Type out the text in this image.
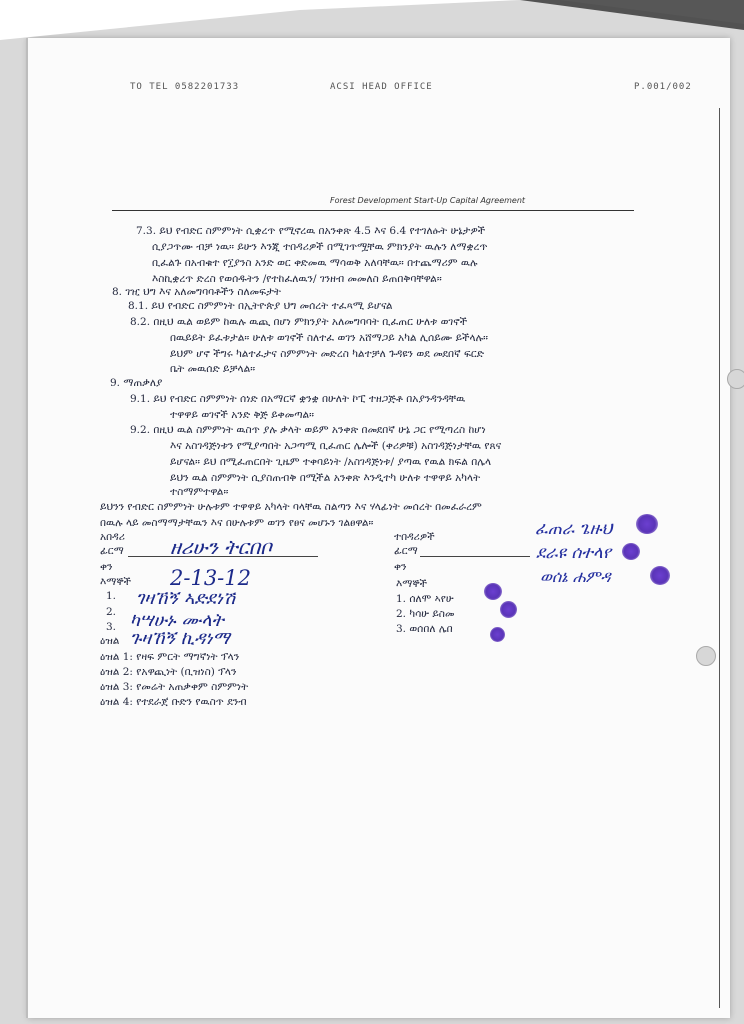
TO TEL 0582201733	ACSI HEAD OFFICE	P.001/002
Forest Development Start-Up Capital Agreement
7.3. ይህ የብድር ስምምነት ሲቋረጥ የሚኖረዉ በአንቀጽ 4.5 እና 6.4 የተገለፁት ሁኔታዎች
ሲያጋጥሙ ብቻ ነዉ። ይሁን እንጂ ተበዳሪዎች በሚገጥሟቸዉ ምክንያት ዉሉን ለማቋረጥ
ቢፈልጉ በአብቁተ የ፲ያንስ አንድ ወር ቀድመዉ ማሳወቅ አለባቸዉ። በተጨማሪም ዉሉ
እስኪቋረጥ ድረስ የወሰዱትን /የተከፈለዉን/ ገንዘብ መመለስ ይጠበቅባቸዋል።
8. ገዢ ህግ እና አለመግባባቶችን ስለመፍታት
8.1. ይህ የብድር ስምምነት በኢትዮጵያ ህግ መሰረት ተፈጻሚ ይሆናል
8.2. በዚህ ዉል ወይም ከዉሉ ዉጪ በሆነ ምክንያት አለመግባባት ቢፈጠር ሁለቱ ወገኖች
በዉይይት ይፈቱታል። ሁለቱ ወገኖች ስለተፈ ወገን አሸማጋይ አካል ሊሰይሙ ይችላሉ።
ይህም ሆኖ ችግሩ ካልተፈታና ስምምነት መድረስ ካልተቻለ ጉዳዩን ወደ መደበኛ ፍርድ
ቤት መዉሰድ ይቻላል።
9. ማጠቃለያ
9.1. ይህ የብድር ስምምነት ሰነድ በአማርኛ ቋንቋ በሁለት ኮፒ ተዘጋጅቶ በአያንዳንዳቸዉ
ተዋዋይ ወገኖች አንድ ቅጅ ይቀመጣል።
9.2. በዚህ ዉል ስምምነት ዉስጥ ያሉ ቃላት ወይም አንቀጽ በመደበኛ ሁኔ ጋር የሚጣረስ ከሆነ
እና አስገዳጅነቱን የሚያጣበት አጋጣሚ ቢፈጠር ሌሎች (ቀሪዎቹ) አስገዳጅነታቸዉ የጸና
ይሆናል። ይህ በሚፈጠርበት ጊዜም ተቀባይነት /አስገዳጅነቱ/ ያጣዉ የዉል ክፍል በሌላ
ይህን ዉል ስምምነት ሲያስጠብቅ በሚችል አንቀጽ እንዲተካ ሁለቱ ተዋዋይ አካላት
ተስማምተዋል።
ይህንን የብድር ስምምነት ሁሉቱም ተዋዋይ አካላት ባላቸዉ ስልጣን እና ሃላፊነት መሰረት በመፈራረም
በዉሉ ላይ መስማማታቸዉን እና በሁሉቱም ወገን የፀና መሆኑን ገልፀዋል።
አበዳሪ
ፊርማ
ቀን
እማኞች
1.
2.
3.
ዕዝል
ተበዳሪዎች
ፊርማ
ቀን
እማኞች
1. ሰለሞ ኣየሁ
2. ካሳሁ ይስመ
3. ወሰበለ ሌበ
ዕዝል 1: የዛፍ ምርት ማግኛነት ፕላን
ዕዝል 2: የአዋጪነት (ቢዝነስ) ፕላን
ዕዝል 3: የመሬት አጠቃቀም ስምምነት
ዕዝል 4: የተደራጀ ቡድን የዉስጥ ደንብ
ዘሪሁን ትርበቦ
2-13-12
ገዛኸኝ ኣድደነሽ
ካሣሁኑ ሙላት
ጉዛኸኝ ኪዳነማ
ፈጠራ ጌዙህ
ደራዩ ሰተላየ
ወሰኔ ሐምዳ
